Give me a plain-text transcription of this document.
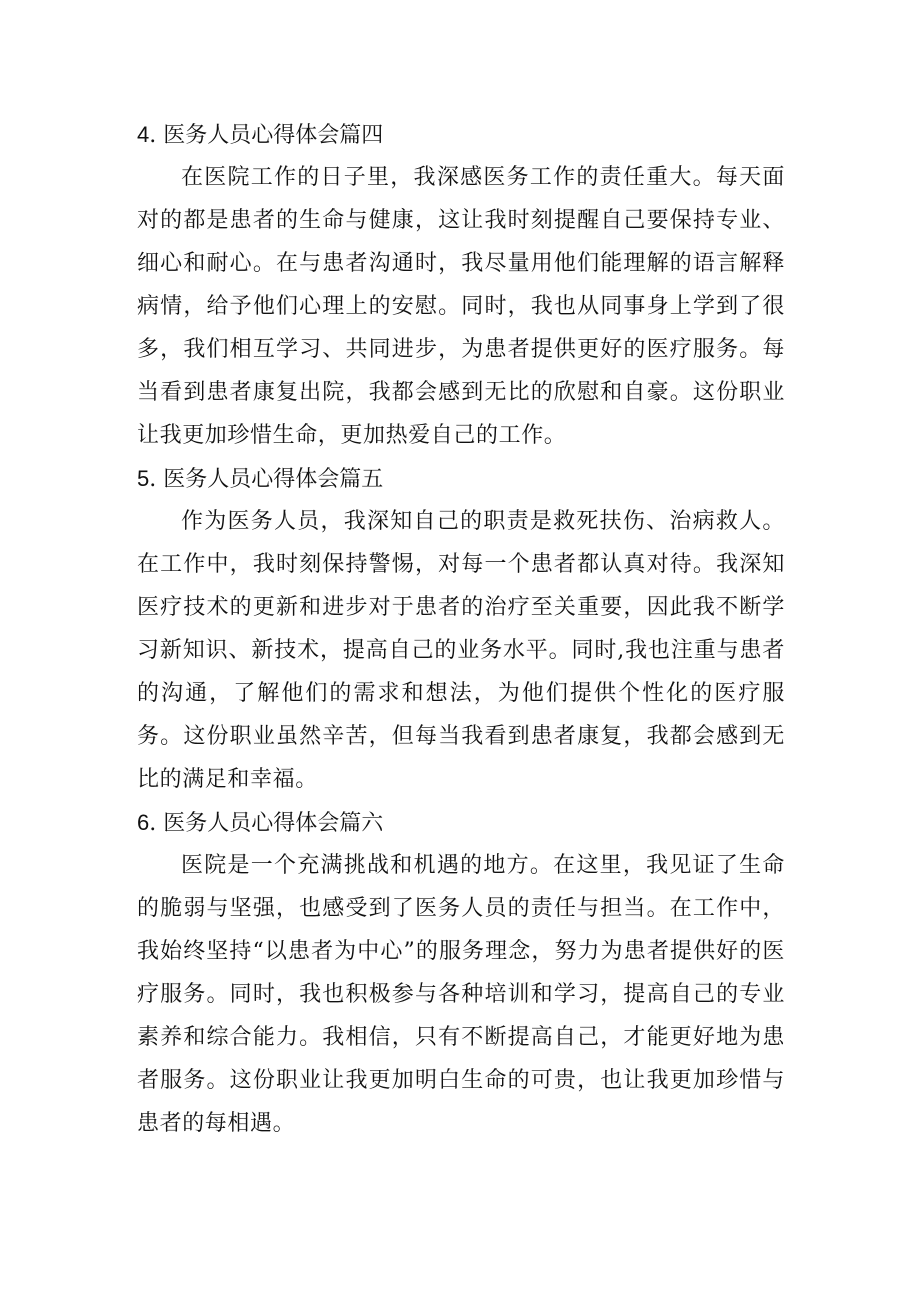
4. 医务人员心得体会篇四

在医院工作的日子里，我深感医务工作的责任重大。每天面对的都是患者的生命与健康，这让我时刻提醒自己要保持专业、细心和耐心。在与患者沟通时，我尽量用他们能理解的语言解释病情，给予他们心理上的安慰。同时，我也从同事身上学到了很多，我们相互学习、共同进步，为患者提供更好的医疗服务。每当看到患者康复出院，我都会感到无比的欣慰和自豪。这份职业让我更加珍惜生命，更加热爱自己的工作。

5. 医务人员心得体会篇五

作为医务人员，我深知自己的职责是救死扶伤、治病救人。在工作中，我时刻保持警惕，对每一个患者都认真对待。我深知医疗技术的更新和进步对于患者的治疗至关重要，因此我不断学习新知识、新技术，提高自己的业务水平。同时,我也注重与患者的沟通，了解他们的需求和想法，为他们提供个性化的医疗服务。这份职业虽然辛苦，但每当我看到患者康复，我都会感到无比的满足和幸福。

6. 医务人员心得体会篇六

医院是一个充满挑战和机遇的地方。在这里，我见证了生命的脆弱与坚强，也感受到了医务人员的责任与担当。在工作中，我始终坚持“以患者为中心”的服务理念，努力为患者提供好的医疗服务。同时，我也积极参与各种培训和学习，提高自己的专业素养和综合能力。我相信，只有不断提高自己，才能更好地为患者服务。这份职业让我更加明白生命的可贵，也让我更加珍惜与患者的每相遇。
